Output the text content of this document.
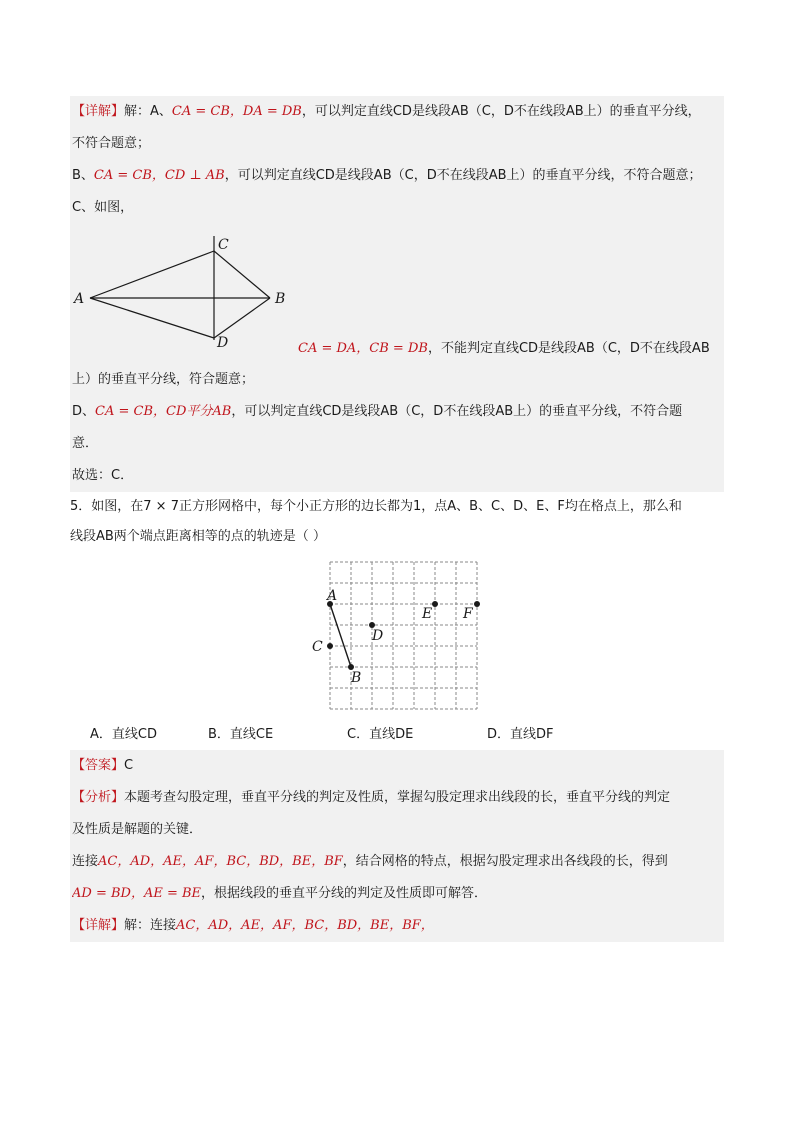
【详解】解：A、CA = CB，DA = DB，可以判定直线CD是线段AB（C，D不在线段AB上）的垂直平分线，
不符合题意；
B、CA = CB，CD ⊥ AB，可以判定直线CD是线段AB（C，D不在线段AB上）的垂直平分线，不符合题意；
C、如图，
C
A	B
D	CA = DA，CB = DB，不能判定直线CD是线段AB（C，D不在线段AB
上）的垂直平分线，符合题意；
D、CA = CB，CD平分AB，可以判定直线CD是线段AB（C，D不在线段AB上）的垂直平分线，不符合题
意．
故选：C．
5．如图，在7 × 7正方形网格中，每个小正方形的边长都为1，点A、B、C、D、E、F均在格点上，那么和
线段AB两个端点距离相等的点的轨迹是（ ）
A
B
C
D
E F
A．直线CD	B．直线CE	C．直线DE	D．直线DF
【答案】C
【分析】本题考查勾股定理，垂直平分线的判定及性质，掌握勾股定理求出线段的长，垂直平分线的判定
及性质是解题的关键．
连接AC，AD，AE，AF，BC，BD，BE，BF，结合网格的特点，根据勾股定理求出各线段的长，得到
AD = BD，AE = BE，根据线段的垂直平分线的判定及性质即可解答．
【详解】解：连接AC，AD，AE，AF，BC，BD，BE，BF，
